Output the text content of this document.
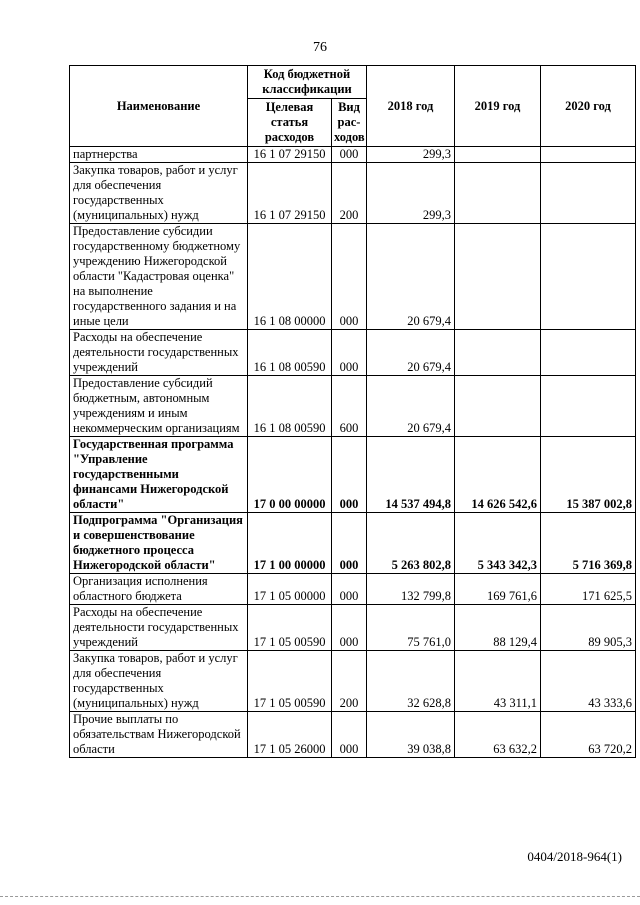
76
Наименование	Код бюджетной классификации		2018 год	2019 год	2020 год
	Целевая статья расходов	Вид рас-ходов			
партнерства	16 1 07 29150	000	299,3		
Закупка товаров, работ и услуг для обеспечения государственных (муниципальных) нужд	16 1 07 29150	200	299,3		
Предоставление субсидии государственному бюджетному учреждению Нижегородской области "Кадастровая оценка" на выполнение государственного задания и на иные цели	16 1 08 00000	000	20 679,4		
Расходы на обеспечение деятельности государственных учреждений	16 1 08 00590	000	20 679,4		
Предоставление субсидий бюджетным, автономным учреждениям и иным некоммерческим организациям	16 1 08 00590	600	20 679,4		
Государственная программа "Управление государственными финансами Нижегородской области"	17 0 00 00000	000	14 537 494,8	14 626 542,6	15 387 002,8
Подпрограмма "Организация и совершенствование бюджетного процесса Нижегородской области"	17 1 00 00000	000	5 263 802,8	5 343 342,3	5 716 369,8
Организация исполнения областного бюджета	17 1 05 00000	000	132 799,8	169 761,6	171 625,5
Расходы на обеспечение деятельности государственных учреждений	17 1 05 00590	000	75 761,0	88 129,4	89 905,3
Закупка товаров, работ и услуг для обеспечения государственных (муниципальных) нужд	17 1 05 00590	200	32 628,8	43 311,1	43 333,6
Прочие выплаты по обязательствам Нижегородской области	17 1 05 26000	000	39 038,8	63 632,2	63 720,2
0404/2018-964(1)
